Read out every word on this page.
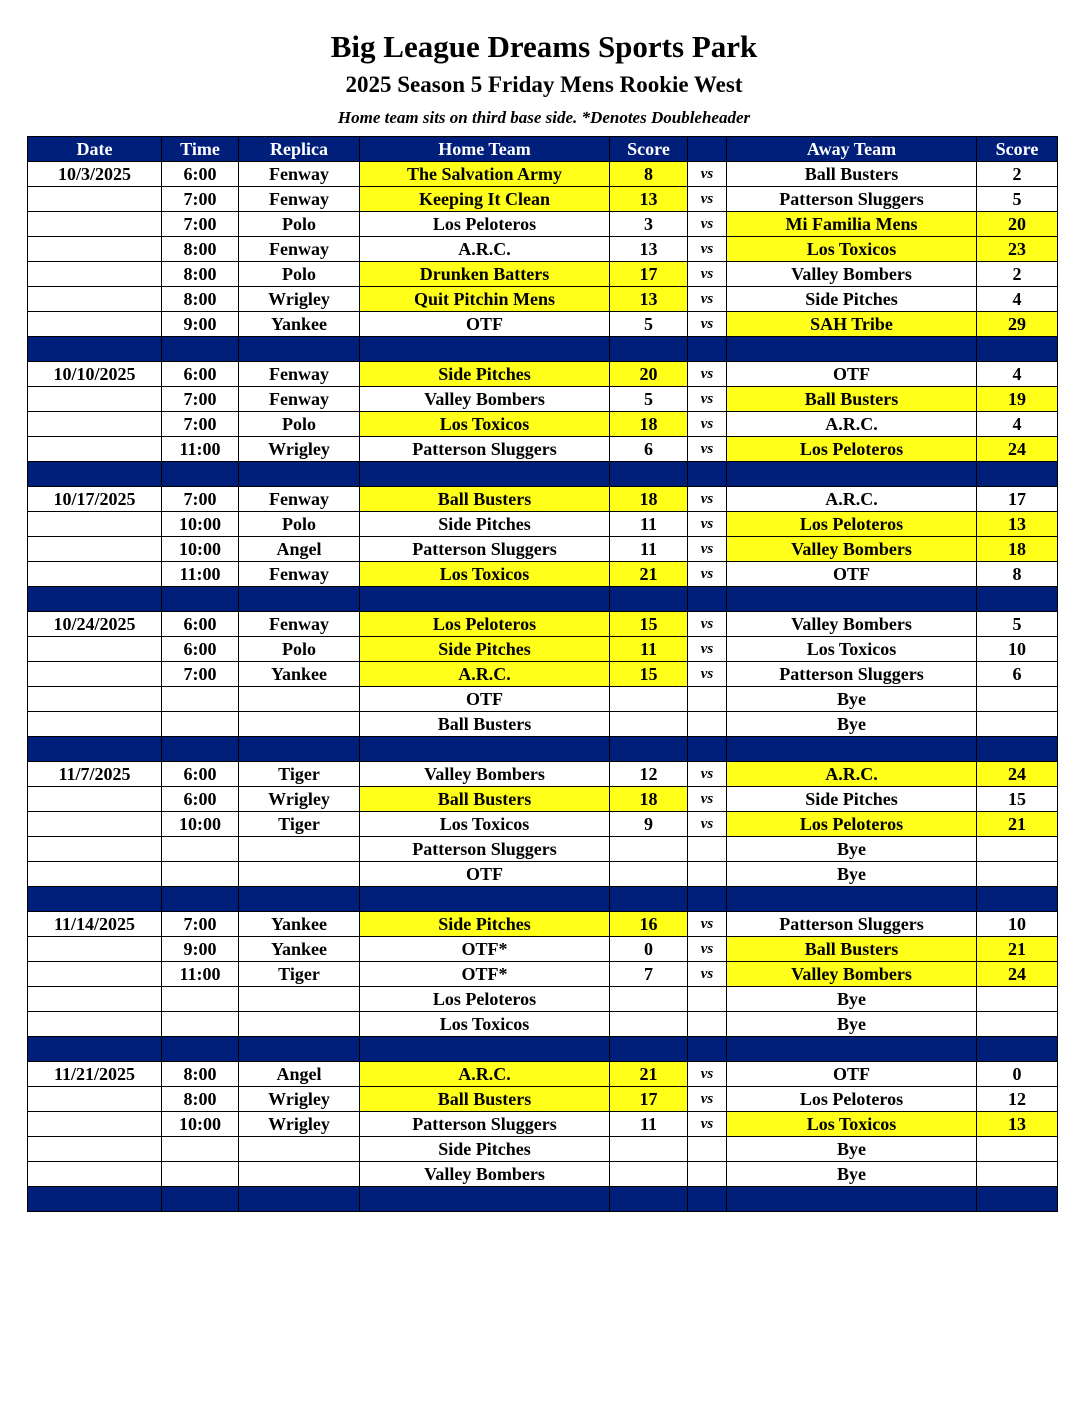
Big League Dreams Sports Park
2025 Season 5 Friday Mens Rookie West
Home team sits on third base side. *Denotes Doubleheader
Date	Time	Replica	Home Team	Score		Away Team	Score
10/3/2025	6:00	Fenway	The Salvation Army	8	vs	Ball Busters	2
	7:00	Fenway	Keeping It Clean	13	vs	Patterson Sluggers	5
	7:00	Polo	Los Peloteros	3	vs	Mi Familia Mens	20
	8:00	Fenway	A.R.C.	13	vs	Los Toxicos	23
	8:00	Polo	Drunken Batters	17	vs	Valley Bombers	2
	8:00	Wrigley	Quit Pitchin Mens	13	vs	Side Pitches	4
	9:00	Yankee	OTF	5	vs	SAH Tribe	29

10/10/2025	6:00	Fenway	Side Pitches	20	vs	OTF	4
	7:00	Fenway	Valley Bombers	5	vs	Ball Busters	19
	7:00	Polo	Los Toxicos	18	vs	A.R.C.	4
	11:00	Wrigley	Patterson Sluggers	6	vs	Los Peloteros	24

10/17/2025	7:00	Fenway	Ball Busters	18	vs	A.R.C.	17
	10:00	Polo	Side Pitches	11	vs	Los Peloteros	13
	10:00	Angel	Patterson Sluggers	11	vs	Valley Bombers	18
	11:00	Fenway	Los Toxicos	21	vs	OTF	8

10/24/2025	6:00	Fenway	Los Peloteros	15	vs	Valley Bombers	5
	6:00	Polo	Side Pitches	11	vs	Los Toxicos	10
	7:00	Yankee	A.R.C.	15	vs	Patterson Sluggers	6
			OTF			Bye	
			Ball Busters			Bye	

11/7/2025	6:00	Tiger	Valley Bombers	12	vs	A.R.C.	24
	6:00	Wrigley	Ball Busters	18	vs	Side Pitches	15
	10:00	Tiger	Los Toxicos	9	vs	Los Peloteros	21
			Patterson Sluggers			Bye	
			OTF			Bye	

11/14/2025	7:00	Yankee	Side Pitches	16	vs	Patterson Sluggers	10
	9:00	Yankee	OTF*	0	vs	Ball Busters	21
	11:00	Tiger	OTF*	7	vs	Valley Bombers	24
			Los Peloteros			Bye	
			Los Toxicos			Bye	

11/21/2025	8:00	Angel	A.R.C.	21	vs	OTF	0
	8:00	Wrigley	Ball Busters	17	vs	Los Peloteros	12
	10:00	Wrigley	Patterson Sluggers	11	vs	Los Toxicos	13
			Side Pitches			Bye	
			Valley Bombers			Bye	
